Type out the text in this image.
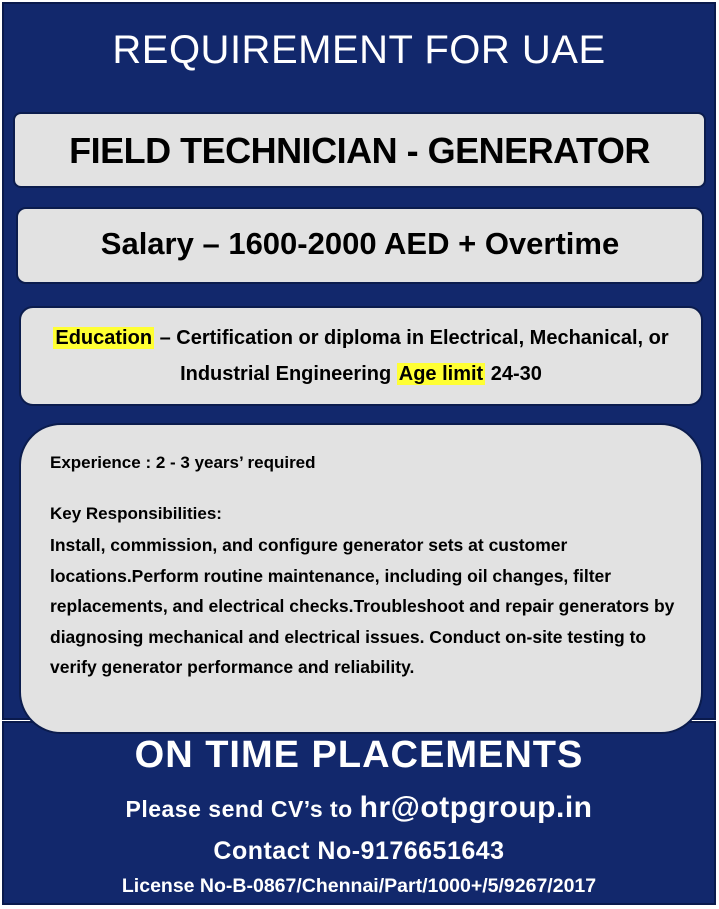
REQUIREMENT FOR UAE
FIELD TECHNICIAN - GENERATOR
Salary – 1600-2000 AED + Overtime
Education – Certification or diploma in Electrical, Mechanical, or Industrial Engineering Age limit 24-30
Experience : 2 - 3 years’ required
Key Responsibilities:
Install, commission, and configure generator sets at customer locations.Perform routine maintenance, including oil changes, filter replacements, and electrical checks.Troubleshoot and repair generators by diagnosing mechanical and electrical issues. Conduct on-site testing to verify generator performance and reliability.
ON TIME PLACEMENTS
Please send CV’s to hr@otpgroup.in
Contact No-9176651643
License No-B-0867/Chennai/Part/1000+/5/9267/2017
